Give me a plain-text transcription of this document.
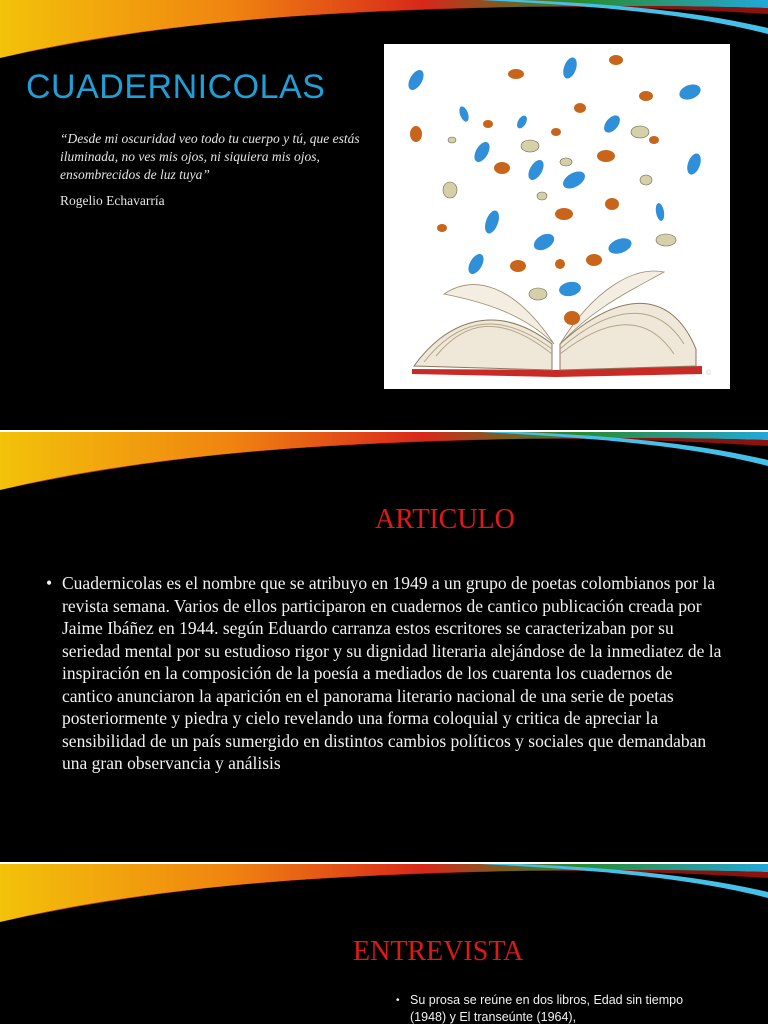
CUADERNICOLAS
“Desde mi oscuridad veo todo tu cuerpo y tú, que estás iluminada, no ves mis ojos, ni siquiera mis ojos, ensombrecidos de luz tuya”
Rogelio Echavarría
©
ARTICULO
• Cuadernicolas es el nombre que se atribuyo en 1949 a un grupo de poetas colombianos por la revista semana. Varios de ellos participaron en cuadernos de cantico publicación creada por Jaime Ibáñez en 1944. según Eduardo carranza estos escritores se caracterizaban por su seriedad mental por su estudioso rigor y su dignidad literaria alejándose de la inmediatez de la inspiración en la composición de la poesía a mediados de los cuarenta los cuadernos de cantico anunciaron la aparición en el panorama literario nacional de una serie de poetas posteriormente y piedra y cielo revelando una forma coloquial y critica de apreciar la sensibilidad de un país sumergido en distintos cambios políticos y sociales que demandaban una gran observancia y análisis

ENTREVISTA
• Su prosa se reúne en dos libros, Edad sin tiempo (1948) y El transeúnte (1964),
